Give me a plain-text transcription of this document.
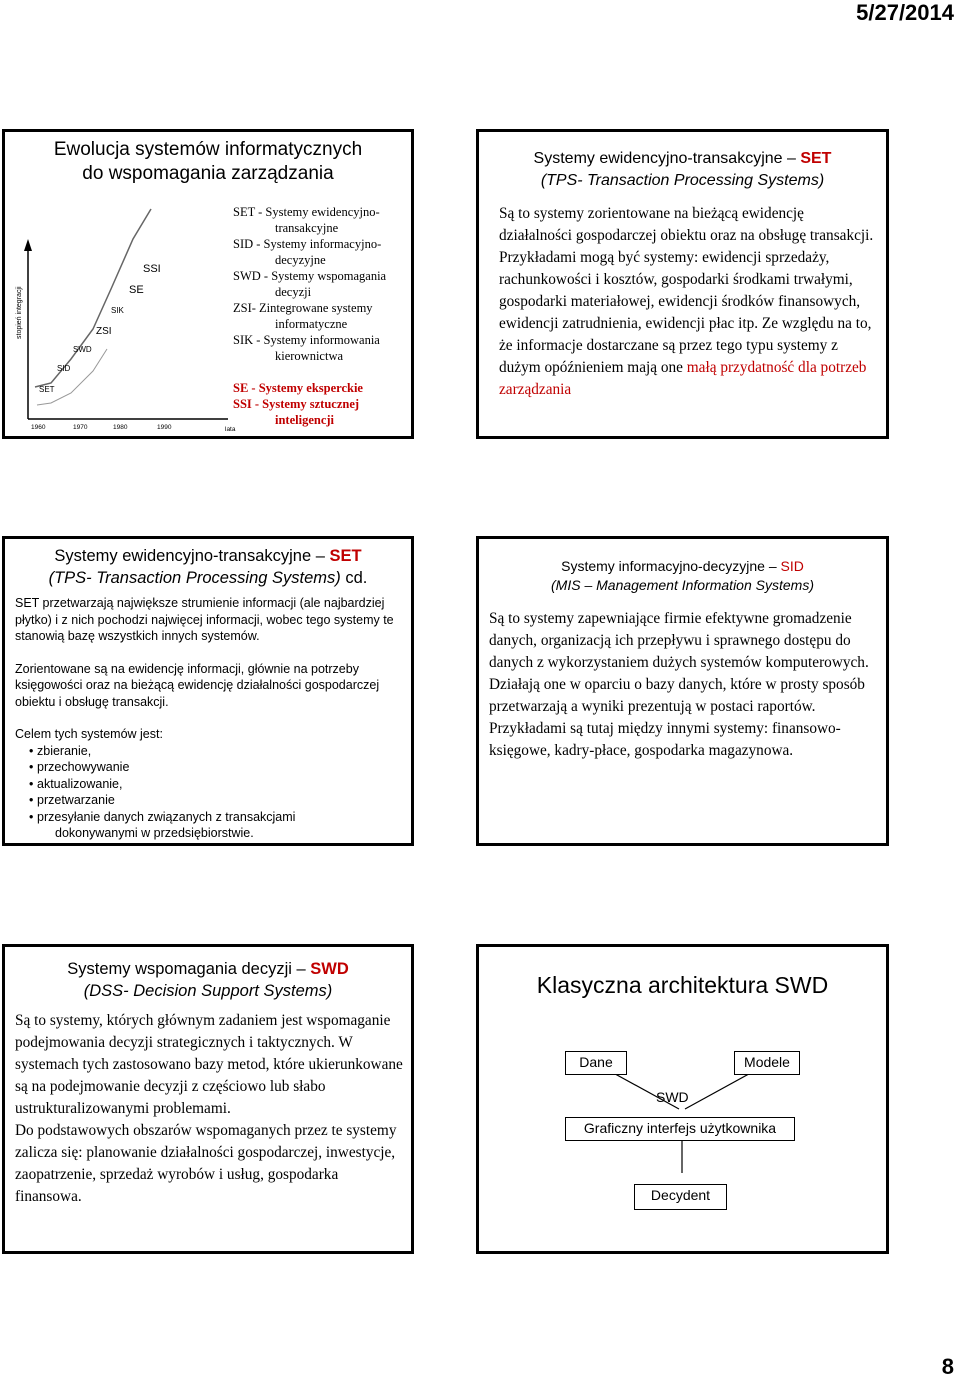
5/27/2014
Ewolucja systemów informatycznych
do wspomagania zarządzania
stopień integracji
1960	1970	1980	1990	lata
SET
SID
SWD
SIK
ZSI
SE
SSI
SET - Systemy ewidencyjno-
transakcyjne
SID - Systemy informacyjno-
decyzyjne
SWD - Systemy wspomagania
decyzji
ZSI- Zintegrowane systemy
informatyczne
SIK - Systemy informowania
kierownictwa
SE - Systemy eksperckie
SSI - Systemy sztucznej
inteligencji
Systemy ewidencyjno-transakcyjne – SET
(TPS- Transaction Processing Systems)
Są to systemy zorientowane na bieżącą ewidencję działalności gospodarczej obiektu oraz na obsługę transakcji. Przykładami mogą być systemy: ewidencji sprzedaży, rachunkowości i kosztów, gospodarki środkami trwałymi, gospodarki materiałowej, ewidencji środków finansowych, ewidencji zatrudnienia, ewidencji płac itp. Ze względu na to, że informacje dostarczane są przez tego typu systemy z dużym opóźnieniem mają one małą przydatność dla potrzeb zarządzania
Systemy ewidencyjno-transakcyjne – SET
(TPS- Transaction Processing Systems) cd.

SET przetwarzają największe strumienie informacji (ale najbardziej płytko) i z nich pochodzi najwięcej informacji, wobec tego systemy te stanowią bazę wszystkich innych systemów.

Zorientowane są na ewidencję informacji, głównie na potrzeby księgowości oraz na bieżącą ewidencję działalności gospodarczej obiektu i obsługę transakcji.

Celem tych systemów jest:

• zbieranie,
• przechowywanie
• aktualizowanie,
• przetwarzanie
• przesyłanie danych związanych z transakcjami
dokonywanymi w przedsiębiorstwie.
Systemy informacyjno-decyzyjne – SID
(MIS – Management Information Systems)
Są to systemy zapewniające firmie efektywne gromadzenie danych, organizacją ich przepływu i sprawnego dostępu do danych z wykorzystaniem dużych systemów komputerowych. Działają one w oparciu o bazy danych, które w prosty sposób przetwarzają a wyniki prezentują w postaci raportów. Przykładami są tutaj między innymi systemy: finansowo-księgowe, kadry-płace, gospodarka magazynowa.
Systemy wspomagania decyzji – SWD
(DSS- Decision Support Systems)

Są to systemy, których głównym zadaniem jest wspomaganie podejmowania decyzji strategicznych i taktycznych. W systemach tych zastosowano bazy metod, które ukierunkowane są na podejmowanie decyzji z częściowo lub słabo ustrukturalizowanymi problemami.

Do podstawowych obszarów wspomaganych przez te systemy zalicza się: planowanie działalności gospodarczej, inwestycje, zaopatrzenie, sprzedaż wyrobów i usług, gospodarka finansowa.

Klasyczna architektura SWD
Dane	Modele
SWD
Graficzny interfejs użytkownika
Decydent
8
